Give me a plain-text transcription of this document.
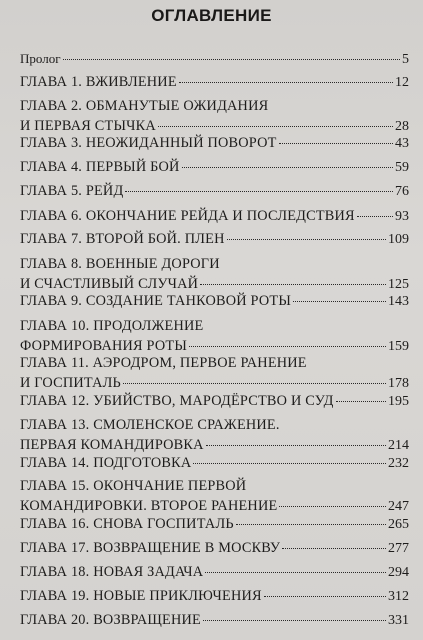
ОГЛАВЛЕНИЕ
Пролог	5
ГЛАВА 1. ВЖИВЛЕНИЕ	12
ГЛАВА 2. ОБМАНУТЫЕ ОЖИДАНИЯ
И ПЕРВАЯ СТЫЧКА	28
ГЛАВА 3. НЕОЖИДАННЫЙ ПОВОРОТ	43
ГЛАВА 4. ПЕРВЫЙ БОЙ	59
ГЛАВА 5. РЕЙД	76
ГЛАВА 6. ОКОНЧАНИЕ РЕЙДА И ПОСЛЕДСТВИЯ	93
ГЛАВА 7. ВТОРОЙ БОЙ. ПЛЕН	109
ГЛАВА 8. ВОЕННЫЕ ДОРОГИ
И СЧАСТЛИВЫЙ СЛУЧАЙ	125
ГЛАВА 9. СОЗДАНИЕ ТАНКОВОЙ РОТЫ	143
ГЛАВА 10. ПРОДОЛЖЕНИЕ
ФОРМИРОВАНИЯ РОТЫ	159
ГЛАВА 11. АЭРОДРОМ, ПЕРВОЕ РАНЕНИЕ
И ГОСПИТАЛЬ	178
ГЛАВА 12. УБИЙСТВО, МАРОДЁРСТВО И СУД	195
ГЛАВА 13. СМОЛЕНСКОЕ СРАЖЕНИЕ.
ПЕРВАЯ КОМАНДИРОВКА	214
ГЛАВА 14. ПОДГОТОВКА	232
ГЛАВА 15. ОКОНЧАНИЕ ПЕРВОЙ
КОМАНДИРОВКИ. ВТОРОЕ РАНЕНИЕ	247
ГЛАВА 16. СНОВА ГОСПИТАЛЬ	265
ГЛАВА 17. ВОЗВРАЩЕНИЕ В МОСКВУ	277
ГЛАВА 18. НОВАЯ ЗАДАЧА	294
ГЛАВА 19. НОВЫЕ ПРИКЛЮЧЕНИЯ	312
ГЛАВА 20. ВОЗВРАЩЕНИЕ	331
